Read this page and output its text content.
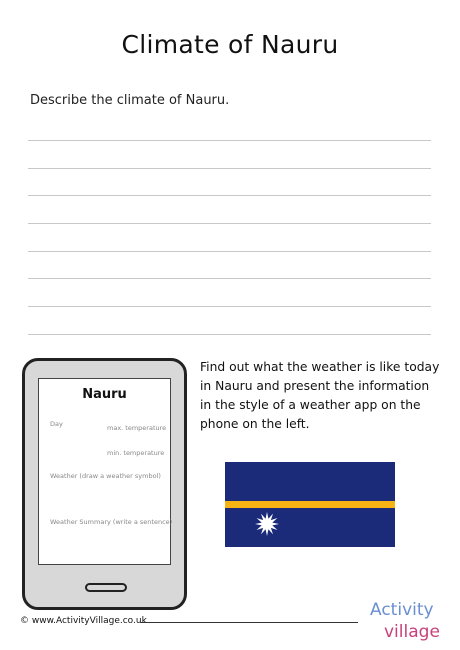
Climate of Nauru
Describe the climate of Nauru.
Nauru
Day	max. temperature
min. temperature
Weather (draw a weather symbol)
Weather Summary (write a sentence)
Find out what the weather is like today in Nauru and present the information in the style of a weather app on the phone on the left.
© www.ActivityVillage.co.uk
Activity
village
